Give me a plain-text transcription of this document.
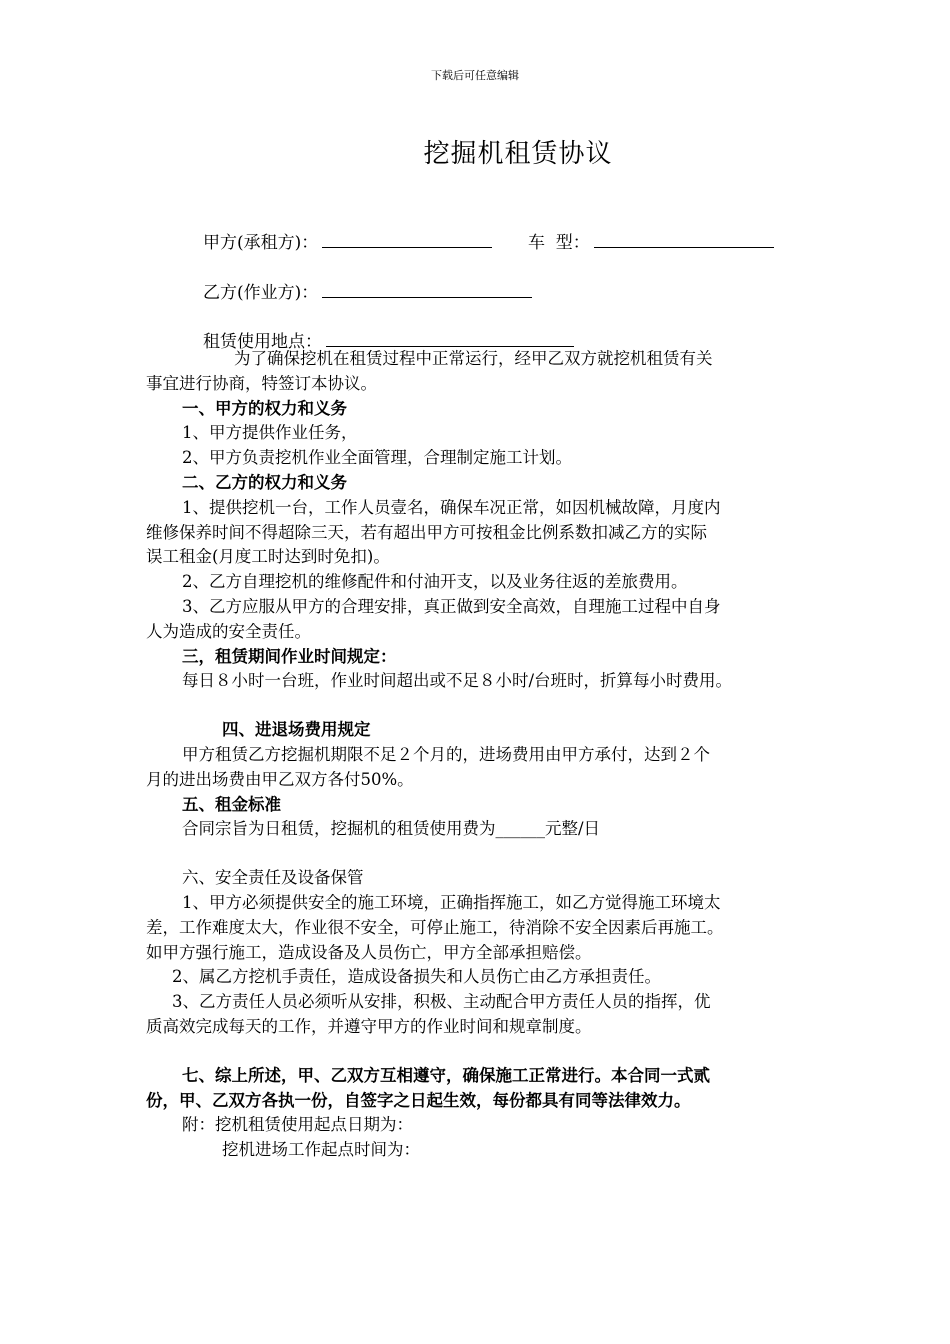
下载后可任意编辑
挖掘机租赁协议
甲方(承租方)：	车  型：
乙方(作业方)：
租赁使用地点：

为了确保挖机在租赁过程中正常运行，经甲乙双方就挖机租赁有关

事宜进行协商，特签订本协议。

一、甲方的权力和义务

1、甲方提供作业任务，

2、甲方负责挖机作业全面管理，合理制定施工计划。

二、乙方的权力和义务

1、提供挖机一台，工作人员壹名，确保车况正常，如因机械故障，月度内

维修保养时间不得超除三天，若有超出甲方可按租金比例系数扣减乙方的实际

误工租金(月度工时达到时免扣)。

2、乙方自理挖机的维修配件和付油开支，以及业务往返的差旅费用。

3、乙方应服从甲方的合理安排，真正做到安全高效，自理施工过程中自身

人为造成的安全责任。

三，租赁期间作业时间规定：

每日８小时一台班，作业时间超出或不足８小时/台班时，折算每小时费用。

四、进退场费用规定

甲方租赁乙方挖掘机期限不足２个月的，进场费用由甲方承付，达到２个

月的进出场费由甲乙双方各付50%。

五、租金标准

合同宗旨为日租赁，挖掘机的租赁使用费为______元整/日

六、安全责任及设备保管

1、甲方必须提供安全的施工环境，正确指挥施工，如乙方觉得施工环境太

差，工作难度太大，作业很不安全，可停止施工，待消除不安全因素后再施工。

如甲方强行施工，造成设备及人员伤亡，甲方全部承担赔偿。

2、属乙方挖机手责任，造成设备损失和人员伤亡由乙方承担责任。

3、乙方责任人员必须听从安排，积极、主动配合甲方责任人员的指挥，优

质高效完成每天的工作，并遵守甲方的作业时间和规章制度。

七、综上所述，甲、乙双方互相遵守，确保施工正常进行。本合同一式贰

份，甲、乙双方各执一份，自签字之日起生效，每份都具有同等法律效力。

附：挖机租赁使用起点日期为：

挖机进场工作起点时间为：
